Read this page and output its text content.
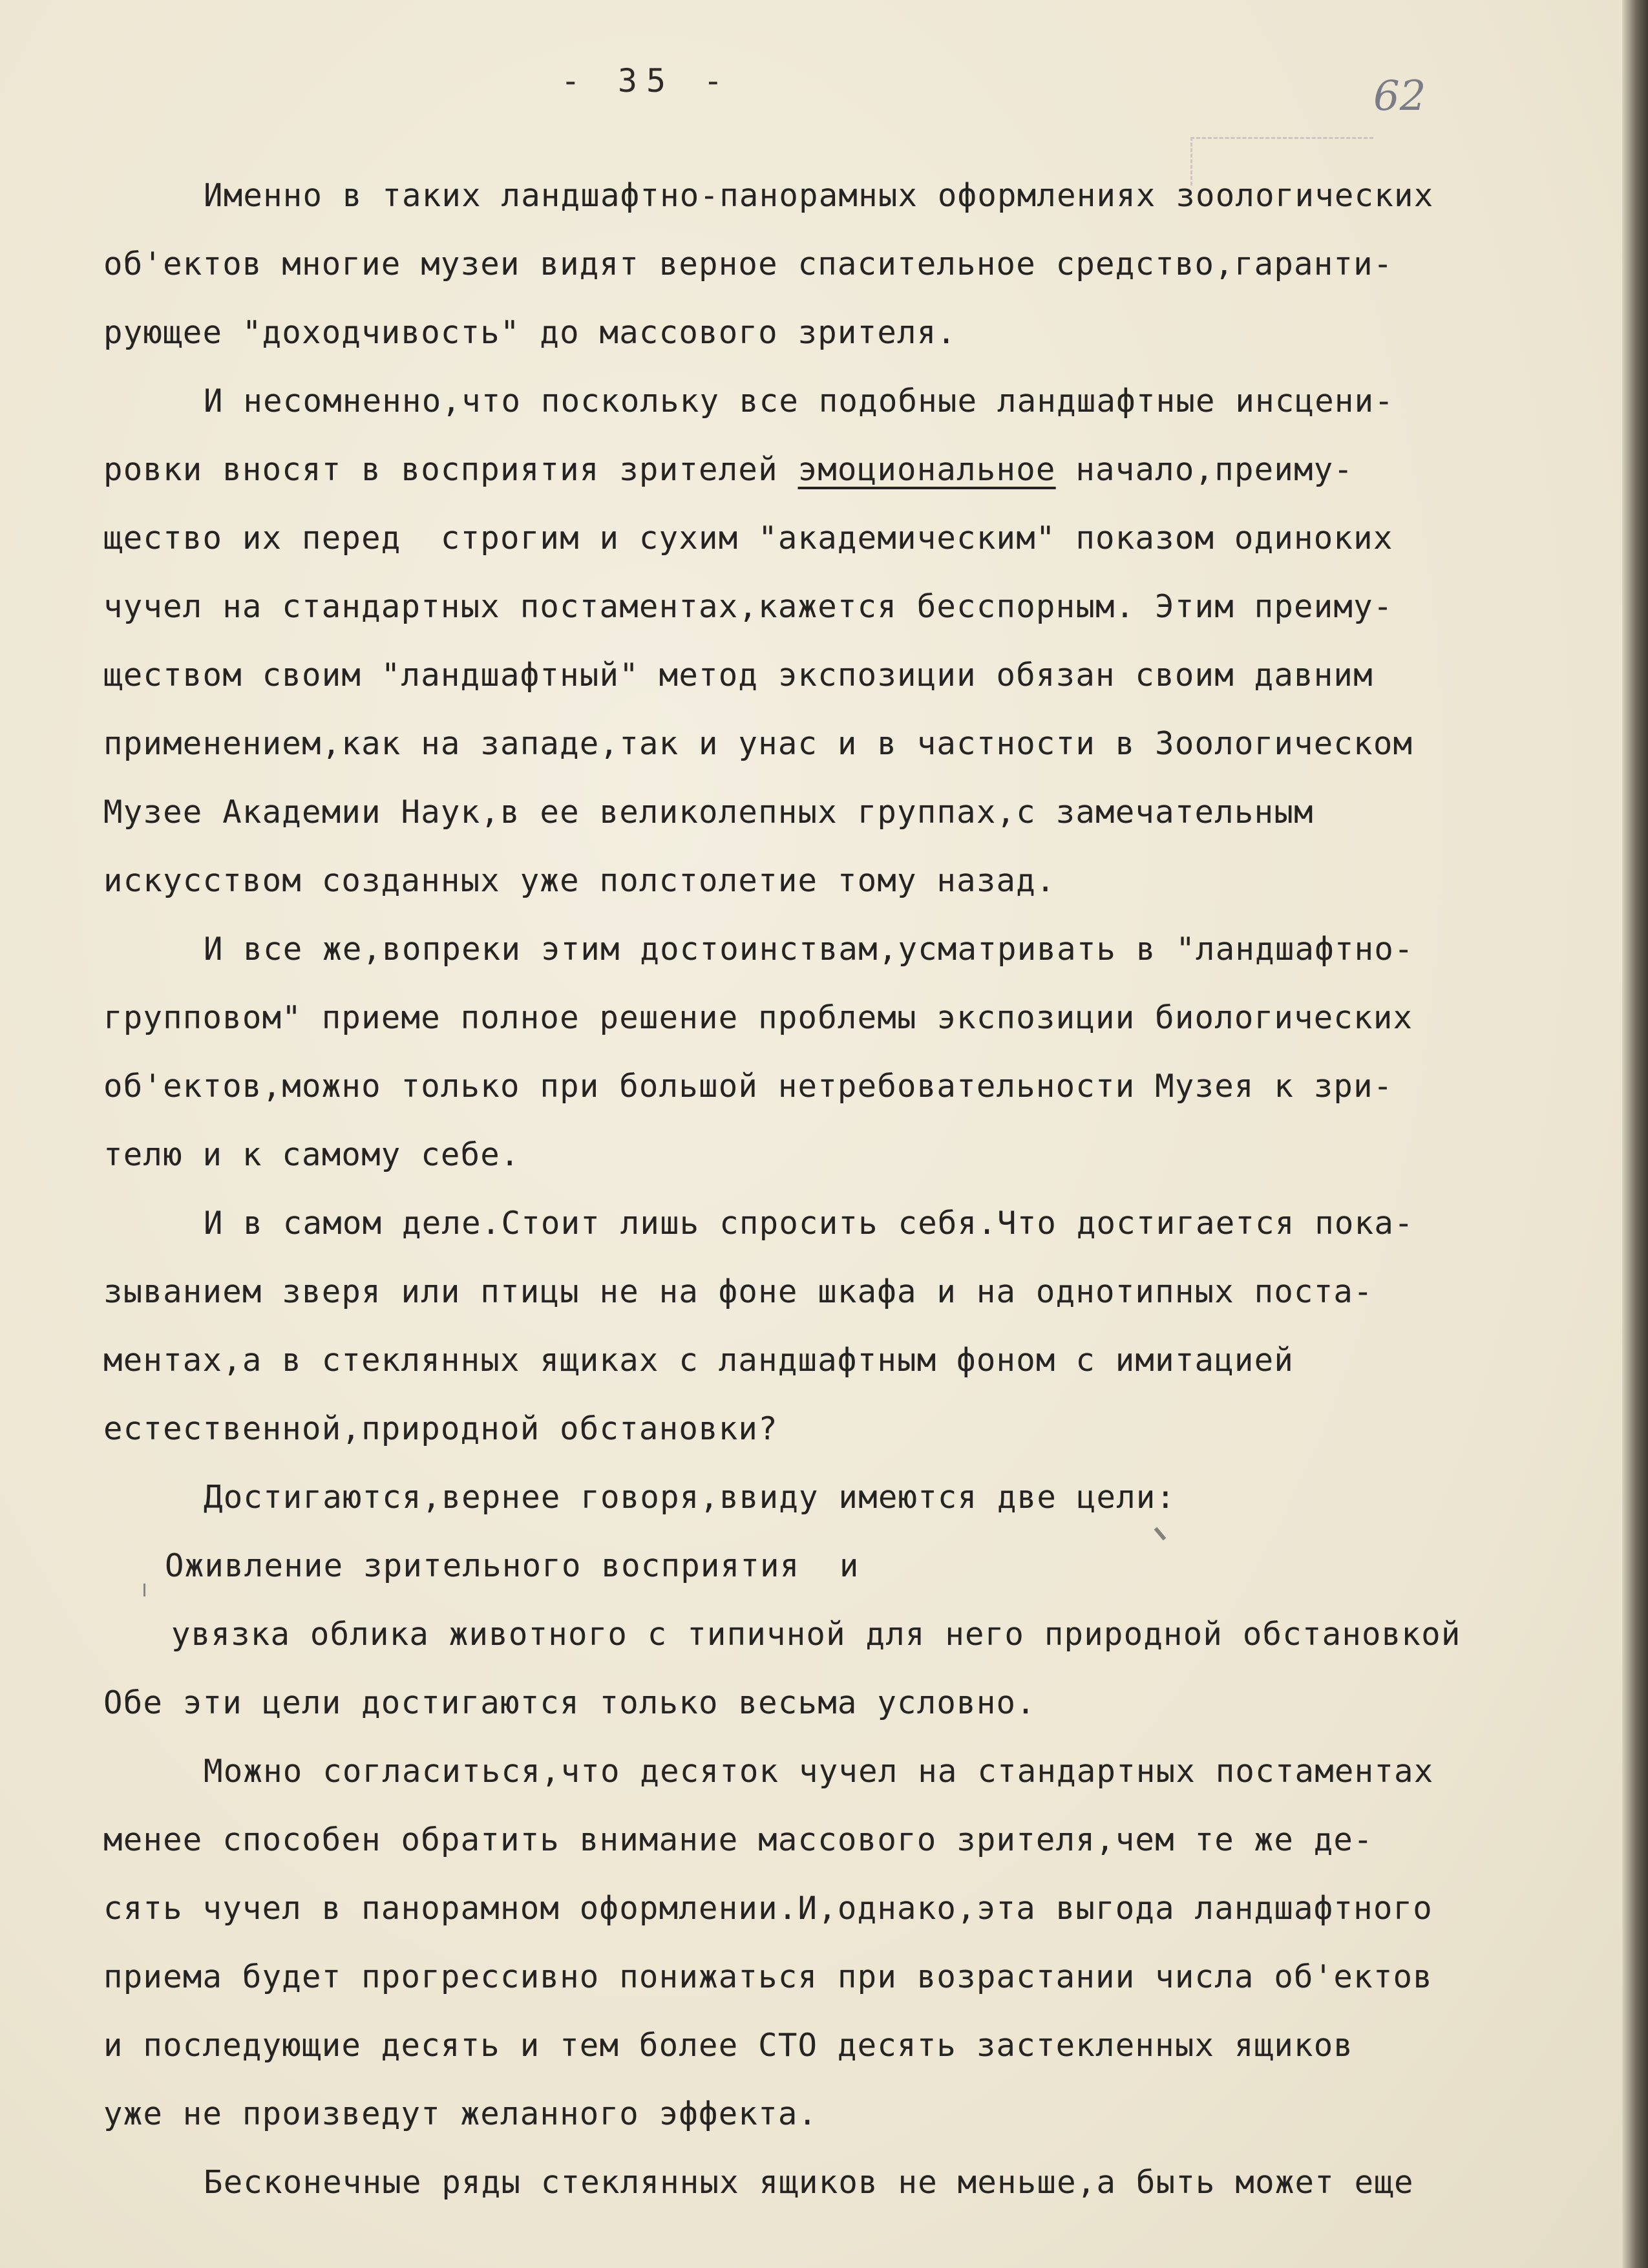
- 35 -	62
Именно в таких ландшафтно-панорамных оформлениях зоологических
об'ектов многие музеи видят верное спасительное средство,гаранти-
рующее "доходчивость" до массового зрителя.
И несомненно,что поскольку все подобные ландшафтные инсцени-
ровки вносят в восприятия зрителей эмоциональное начало,преиму-
щество их перед  строгим и сухим "академическим" показом одиноких
чучел на стандартных постаментах,кажется бесспорным. Этим преиму-
ществом своим "ландшафтный" метод экспозиции обязан своим давним
применением,как на западе,так и унас и в частности в Зоологическом
Музее Академии Наук,в ее великолепных группах,с замечательным
искусством созданных уже полстолетие тому назад.
И все же,вопреки этим достоинствам,усматривать в "ландшафтно-
групповом" приеме полное решение проблемы экспозиции биологических
об'ектов,можно только при большой нетребовательности Музея к зри-
телю и к самому себе.
И в самом деле.Стоит лишь спросить себя.Что достигается пока-
зыванием зверя или птицы не на фоне шкафа и на однотипных поста-
ментах,а в стеклянных ящиках с ландшафтным фоном с имитацией
естественной,природной обстановки?
Достигаются,вернее говоря,ввиду имеются две цели:
Оживление зрительного восприятия  и
увязка облика животного с типичной для него природной обстановкой
Обе эти цели достигаются только весьма условно.
Можно согласиться,что десяток чучел на стандартных постаментах
менее способен обратить внимание массового зрителя,чем те же де-
сять чучел в панорамном оформлении.И,однако,эта выгода ландшафтного
приема будет прогрессивно понижаться при возрастании числа об'ектов
и последующие десять и тем более СТО десять застекленных ящиков
уже не произведут желанного эффекта.
Бесконечные ряды стеклянных ящиков не меньше,а быть может еще
